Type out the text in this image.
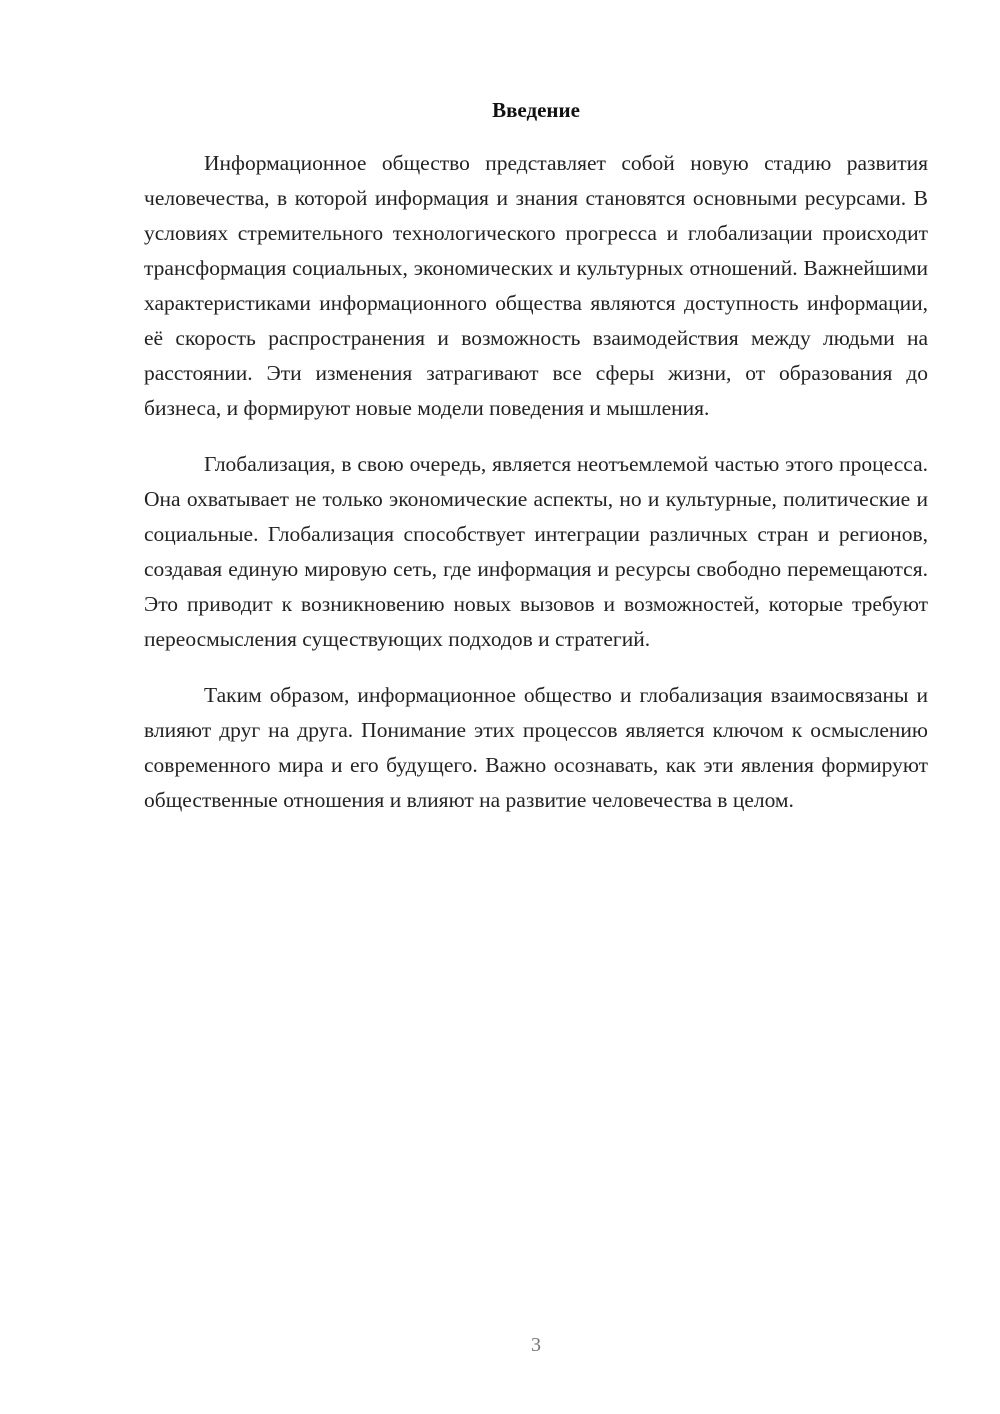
Введение

Информационное общество представляет собой новую стадию развития человечества, в которой информация и знания становятся основными ресурсами. В условиях стремительного технологического прогресса и глобализации происходит трансформация социальных, экономических и культурных отношений. Важнейшими характеристиками информационного общества являются доступность информации, её скорость распространения и возможность взаимодействия между людьми на расстоянии. Эти изменения затрагивают все сферы жизни, от образования до бизнеса, и формируют новые модели поведения и мышления.

Глобализация, в свою очередь, является неотъемлемой частью этого процесса. Она охватывает не только экономические аспекты, но и культурные, политические и социальные. Глобализация способствует интеграции различных стран и регионов, создавая единую мировую сеть, где информация и ресурсы свободно перемещаются. Это приводит к возникновению новых вызовов и возможностей, которые требуют переосмысления существующих подходов и стратегий.

Таким образом, информационное общество и глобализация взаимосвязаны и влияют друг на друга. Понимание этих процессов является ключом к осмыслению современного мира и его будущего. Важно осознавать, как эти явления формируют общественные отношения и влияют на развитие человечества в целом.

3
